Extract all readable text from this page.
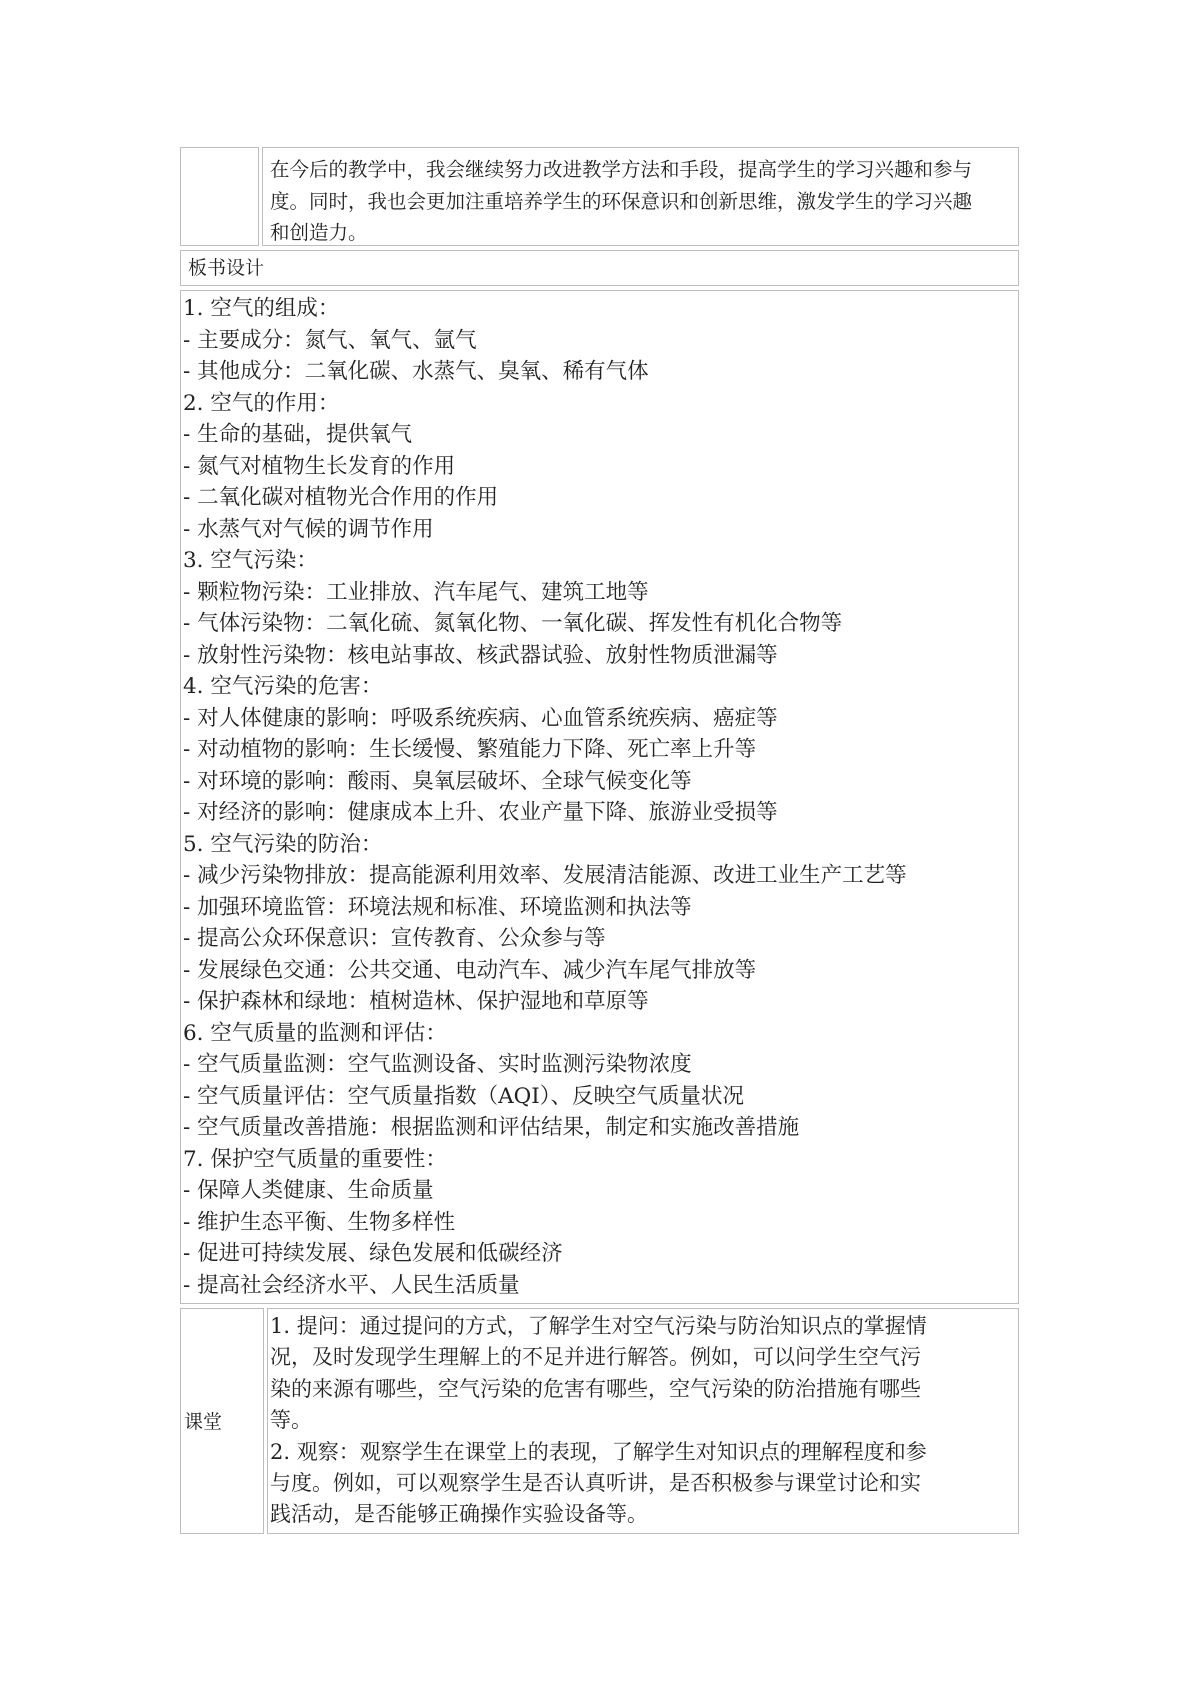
在今后的教学中，我会继续努力改进教学方法和手段，提高学生的学习兴趣和参与
度。同时，我也会更加注重培养学生的环保意识和创新思维，激发学生的学习兴趣
和创造力。
板书设计
1. 空气的组成：
- 主要成分：氮气、氧气、氩气
- 其他成分：二氧化碳、水蒸气、臭氧、稀有气体
2. 空气的作用：
- 生命的基础，提供氧气
- 氮气对植物生长发育的作用
- 二氧化碳对植物光合作用的作用
- 水蒸气对气候的调节作用
3. 空气污染：
- 颗粒物污染：工业排放、汽车尾气、建筑工地等
- 气体污染物：二氧化硫、氮氧化物、一氧化碳、挥发性有机化合物等
- 放射性污染物：核电站事故、核武器试验、放射性物质泄漏等
4. 空气污染的危害：
- 对人体健康的影响：呼吸系统疾病、心血管系统疾病、癌症等
- 对动植物的影响：生长缓慢、繁殖能力下降、死亡率上升等
- 对环境的影响：酸雨、臭氧层破坏、全球气候变化等
- 对经济的影响：健康成本上升、农业产量下降、旅游业受损等
5. 空气污染的防治：
- 减少污染物排放：提高能源利用效率、发展清洁能源、改进工业生产工艺等
- 加强环境监管：环境法规和标准、环境监测和执法等
- 提高公众环保意识：宣传教育、公众参与等
- 发展绿色交通：公共交通、电动汽车、减少汽车尾气排放等
- 保护森林和绿地：植树造林、保护湿地和草原等
6. 空气质量的监测和评估：
- 空气质量监测：空气监测设备、实时监测污染物浓度
- 空气质量评估：空气质量指数（AQI）、反映空气质量状况
- 空气质量改善措施：根据监测和评估结果，制定和实施改善措施
7. 保护空气质量的重要性：
- 保障人类健康、生命质量
- 维护生态平衡、生物多样性
- 促进可持续发展、绿色发展和低碳经济
- 提高社会经济水平、人民生活质量
课堂
1. 提问：通过提问的方式，了解学生对空气污染与防治知识点的掌握情
况，及时发现学生理解上的不足并进行解答。例如，可以问学生空气污
染的来源有哪些，空气污染的危害有哪些，空气污染的防治措施有哪些
等。
2. 观察：观察学生在课堂上的表现，了解学生对知识点的理解程度和参
与度。例如，可以观察学生是否认真听讲，是否积极参与课堂讨论和实
践活动，是否能够正确操作实验设备等。
